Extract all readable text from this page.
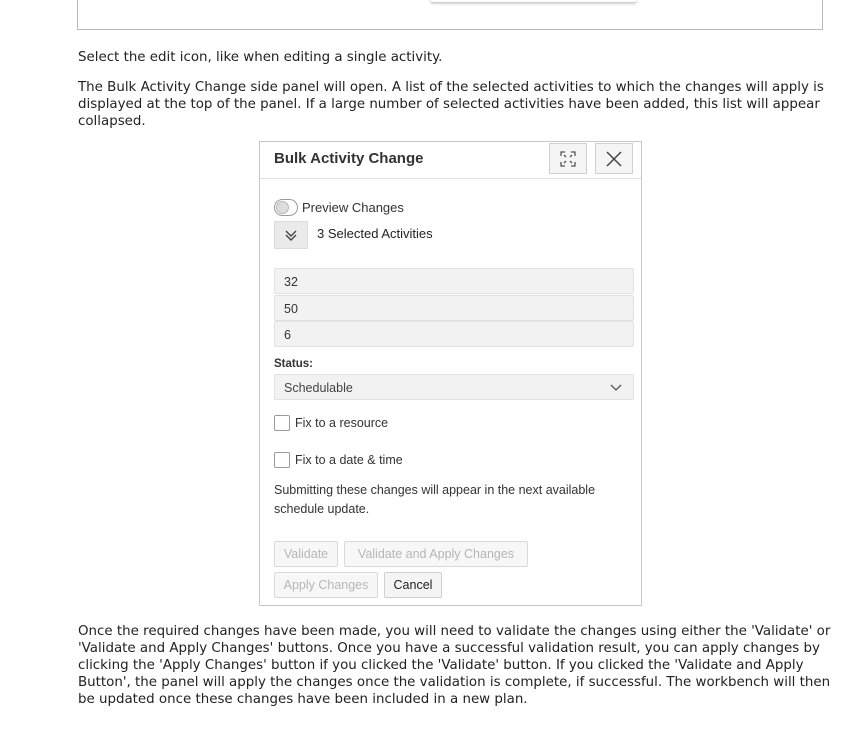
Select the edit icon, like when editing a single activity.

The Bulk Activity Change side panel will open. A list of the selected activities to which the changes will apply is displayed at the top of the panel. If a large number of selected activities have been added, this list will appear collapsed.

Bulk Activity Change
Preview Changes
3 Selected Activities
32
50
6
Status:
Schedulable
Fix to a resource
Fix to a date & time
Submitting these changes will appear in the next available schedule update.
Validate	Validate and Apply Changes
Apply Changes	Cancel

Once the required changes have been made, you will need to validate the changes using either the 'Validate' or 'Validate and Apply Changes' buttons. Once you have a successful validation result, you can apply changes by clicking the 'Apply Changes' button if you clicked the 'Validate' button. If you clicked the 'Validate and Apply Button', the panel will apply the changes once the validation is complete, if successful. The workbench will then be updated once these changes have been included in a new plan.
